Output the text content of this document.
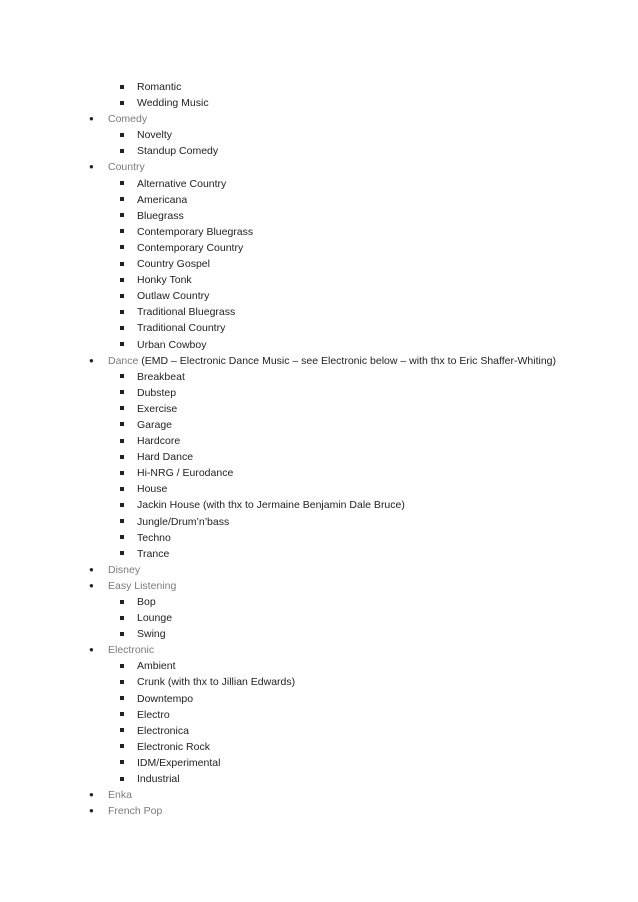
Romantic
Wedding Music
● Comedy
Novelty
Standup Comedy
● Country
Alternative Country
Americana
Bluegrass
Contemporary Bluegrass
Contemporary Country
Country Gospel
Honky Tonk
Outlaw Country
Traditional Bluegrass
Traditional Country
Urban Cowboy
● Dance (EMD – Electronic Dance Music – see Electronic below – with thx to Eric Shaffer-Whiting)
Breakbeat
Dubstep
Exercise
Garage
Hardcore
Hard Dance
Hi-NRG / Eurodance
House
Jackin House (with thx to Jermaine Benjamin Dale Bruce)
Jungle/Drum’n’bass
Techno
Trance
● Disney
● Easy Listening
Bop
Lounge
Swing
● Electronic
Ambient
Crunk (with thx to Jillian Edwards)
Downtempo
Electro
Electronica
Electronic Rock
IDM/Experimental
Industrial
● Enka
● French Pop
